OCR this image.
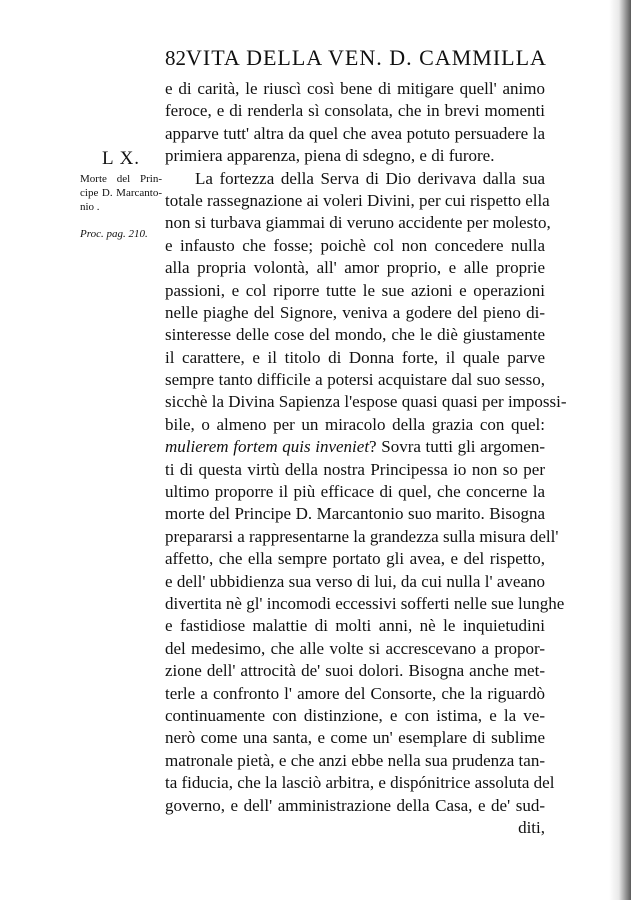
82 VITA DELLA VEN. D. CAMMILLA
L X.
Morte del Prin-
cipe D. Marcanto-
nio .
Proc. pag. 210.
e di carità, le riuscì così bene di mitigare quell' animo
feroce, e di renderla sì consolata, che in brevi momenti
apparve tutt' altra da quel che avea potuto persuadere la
primiera apparenza, piena di sdegno, e di furore.
La fortezza della Serva di Dio derivava dalla sua
totale rassegnazione ai voleri Divini, per cui rispetto ella
non si turbava giammai di veruno accidente per molesto,
e infausto che fosse; poichè col non concedere nulla
alla propria volontà, all' amor proprio, e alle proprie
passioni, e col riporre tutte le sue azioni e operazioni
nelle piaghe del Signore, veniva a godere del pieno di-
sinteresse delle cose del mondo, che le diè giustamente
il carattere, e il titolo di Donna forte, il quale parve
sempre tanto difficile a potersi acquistare dal suo sesso,
sicchè la Divina Sapienza l'espose quasi quasi per impossi-
bile, o almeno per un miracolo della grazia con quel:
mulierem fortem quis inveniet? Sovra tutti gli argomen-
ti di questa virtù della nostra Principessa io non so per
ultimo proporre il più efficace di quel, che concerne la
morte del Principe D. Marcantonio suo marito. Bisogna
prepararsi a rappresentarne la grandezza sulla misura dell'
affetto, che ella sempre portato gli avea, e del rispetto,
e dell' ubbidienza sua verso di lui, da cui nulla l' aveano
divertita nè gl' incomodi eccessivi sofferti nelle sue lunghe
e fastidiose malattie di molti anni, nè le inquietudini
del medesimo, che alle volte si accrescevano a propor-
zione dell' attrocità de' suoi dolori. Bisogna anche met-
terle a confronto l' amore del Consorte, che la riguardò
continuamente con distinzione, e con istima, e la ve-
nerò come una santa, e come un' esemplare di sublime
matronale pietà, e che anzi ebbe nella sua prudenza tan-
ta fiducia, che la lasciò arbitra, e dispónitrice assoluta del
governo, e dell' amministrazione della Casa, e de' sud-
diti,
